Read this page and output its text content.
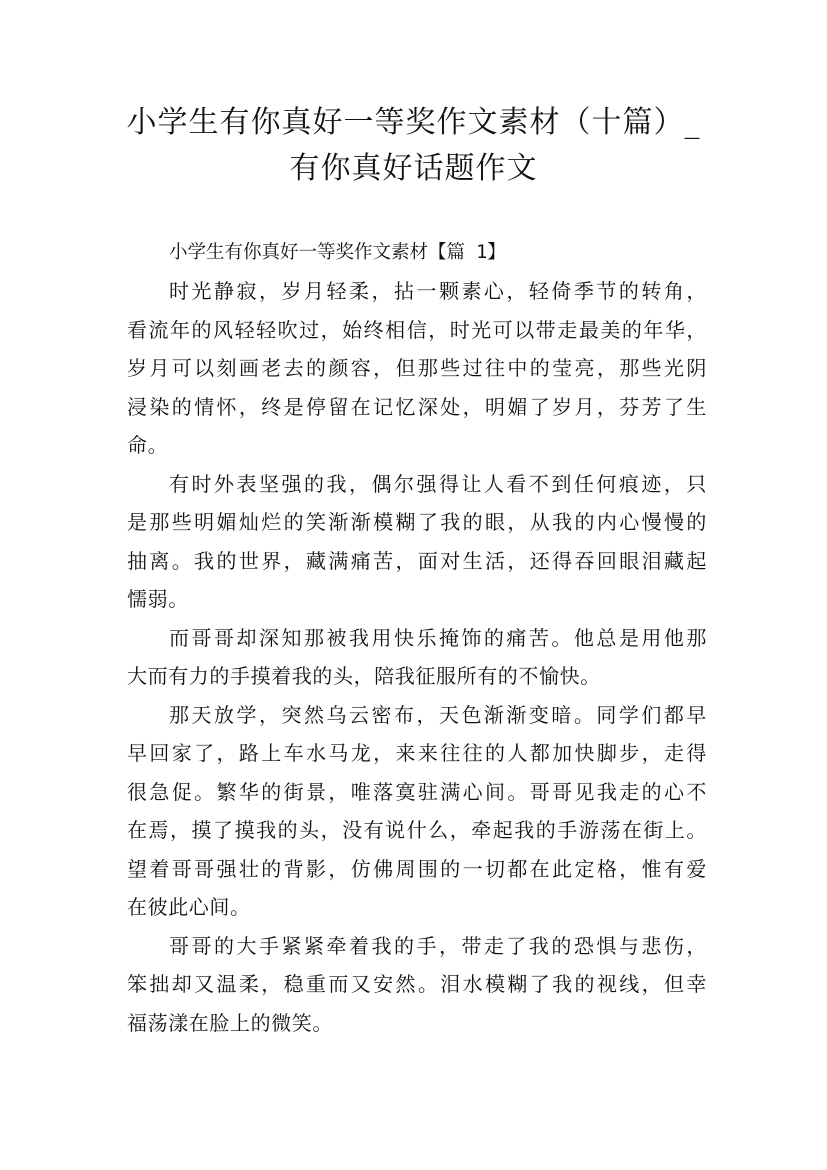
小学生有你真好一等奖作文素材（十篇）_
有你真好话题作文

小学生有你真好一等奖作文素材【篇 1】

时光静寂，岁月轻柔，拈一颗素心，轻倚季节的转角，
看流年的风轻轻吹过，始终相信，时光可以带走最美的年华，
岁月可以刻画老去的颜容，但那些过往中的莹亮，那些光阴
浸染的情怀，终是停留在记忆深处，明媚了岁月，芬芳了生
命。

有时外表坚强的我，偶尔强得让人看不到任何痕迹，只
是那些明媚灿烂的笑渐渐模糊了我的眼，从我的内心慢慢的
抽离。我的世界，藏满痛苦，面对生活，还得吞回眼泪藏起
懦弱。

而哥哥却深知那被我用快乐掩饰的痛苦。他总是用他那
大而有力的手摸着我的头，陪我征服所有的不愉快。

那天放学，突然乌云密布，天色渐渐变暗。同学们都早
早回家了，路上车水马龙，来来往往的人都加快脚步，走得
很急促。繁华的街景，唯落寞驻满心间。哥哥见我走的心不
在焉，摸了摸我的头，没有说什么，牵起我的手游荡在街上。
望着哥哥强壮的背影，仿佛周围的一切都在此定格，惟有爱
在彼此心间。

哥哥的大手紧紧牵着我的手，带走了我的恐惧与悲伤，
笨拙却又温柔，稳重而又安然。泪水模糊了我的视线，但幸
福荡漾在脸上的微笑。
